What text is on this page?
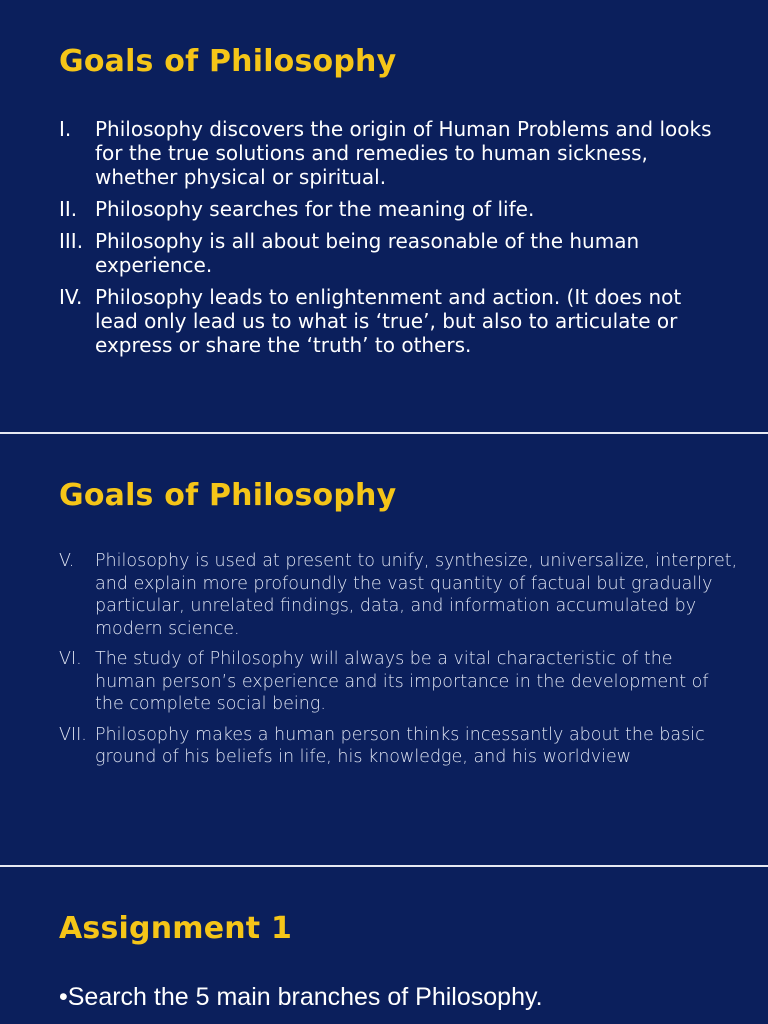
Goals of Philosophy
I. Philosophy discovers the origin of Human Problems and looks for the true solutions and remedies to human sickness, whether physical or spiritual.
II. Philosophy searches for the meaning of life.
III. Philosophy is all about being reasonable of the human experience.
IV. Philosophy leads to enlightenment and action. (It does not lead only lead us to what is ‘true’, but also to articulate or express or share the ‘truth’ to others.
Goals of Philosophy
V. Philosophy is used at present to unify, synthesize, universalize, interpret, and explain more profoundly the vast quantity of factual but gradually particular, unrelated findings, data, and information accumulated by modern science.
VI. The study of Philosophy will always be a vital characteristic of the human person’s experience and its importance in the development of the complete social being.
VII. Philosophy makes a human person thinks incessantly about the basic ground of his beliefs in life, his knowledge, and his worldview
Assignment 1

•Search the 5 main branches of Philosophy.
